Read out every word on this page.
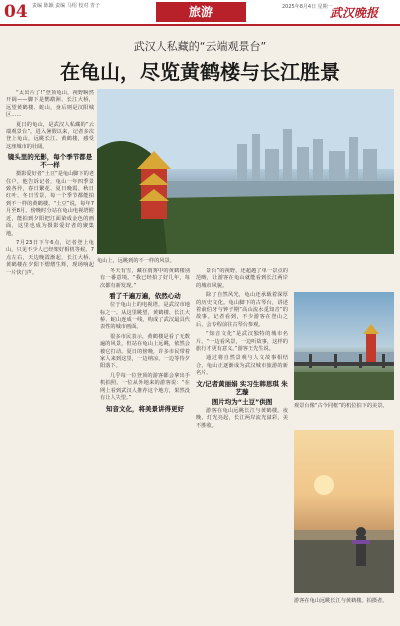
04 责编 陈颖 责编 马绍 校对 青子	旅游	2025年8月4日 星期一
武汉晚报
武汉人私藏的“云端观景台”
在龟山，尽览黄鹤楼与长江胜景

“太出片了!”登顶龟山，视野瞬然开阔——脚下是鹦鹉洲、长江大桥，远望黄鹤楼、蛇山，身后则是汉阳城区……

夏日的龟山，是武汉人私藏的“云端观景台”。进入暑假以来，记者多次登上龟山，远眺长江、黄鹤楼，感受这座城市的壮阔。

镜头里的光影，每个季节都是不一样

摄影爱好者“土豆”是龟山脚下的老住户，他告诉记者，龟山一年四季景致各异，春日繁花、夏日晚霞、秋日红叶、冬日雪景，每一个季节都能拍到不一样的黄鹤楼。“土豆”说，每年7月至8月，傍晚时分站在龟山电视塔附近，能拍到夕阳把江面染成金色的画面，这里也成为摄影爱好者的聚集地。

7月23日下午6点，记者登上龟山，只见不少人已经架好相机等候。7点左右，天边晚霞渐起，长江大桥、黄鹤楼在夕阳下熠熠生辉，现场响起一片快门声。

龟山上，远眺到的不一样的风景。

冬天有雪，藏在雨雾中的黄鹤楼别有一番意境。“我已经拍了好几年，每次都有新发现。”

看了千遍万遍，依然心动

位于龟山上的电视塔，是武汉市地标之一。从这里眺望，黄鹤楼、长江大桥、蛇山连成一线，构成了武汉最具代表性的城市画面。

很多市民表示，黄鹤楼是看了无数遍的风景，但站在龟山上远眺，依然会被它打动。夏日的傍晚，许多市民带着家人来到这里，一边纳凉，一边等待夕阳落下。

几乎每一位登顶的游客都会拿出手机拍照。一位从外地来的游客说：“在网上看到武汉人推荐这个地方，果然没有让人失望。”

知音文化，将美景讲得更好

景台”的视野，还超越了单一景点的范畴，让游客在龟山就能看到长江两岸的城市风貌。

除了自然风光，龟山还承载着深厚的历史文化。龟山脚下的古琴台，讲述着俞伯牙与钟子期“高山流水觅知音”的故事。记者看到，不少游客在登山之后，会专程前往古琴台参观。

“知音文化”是武汉独特的城市名片。“一边看风景，一边听故事，这样的旅行才更有意义。”游客王先生说。

通过将自然景观与人文故事相结合，龟山正逐渐成为武汉城市旅游的新名片。

文/记者黄丽娟 实习生韩思琪 朱艺璇
图片均为“土豆”供图

游客在龟山远眺长江与黄鹤楼。夜晚，灯光亮起，长江两岸流光溢彩，美不胜收。

观景台像“古今同框”的机位拍下的美景。
游客在龟山远眺长江与黄鹤楼。拍摄者。
